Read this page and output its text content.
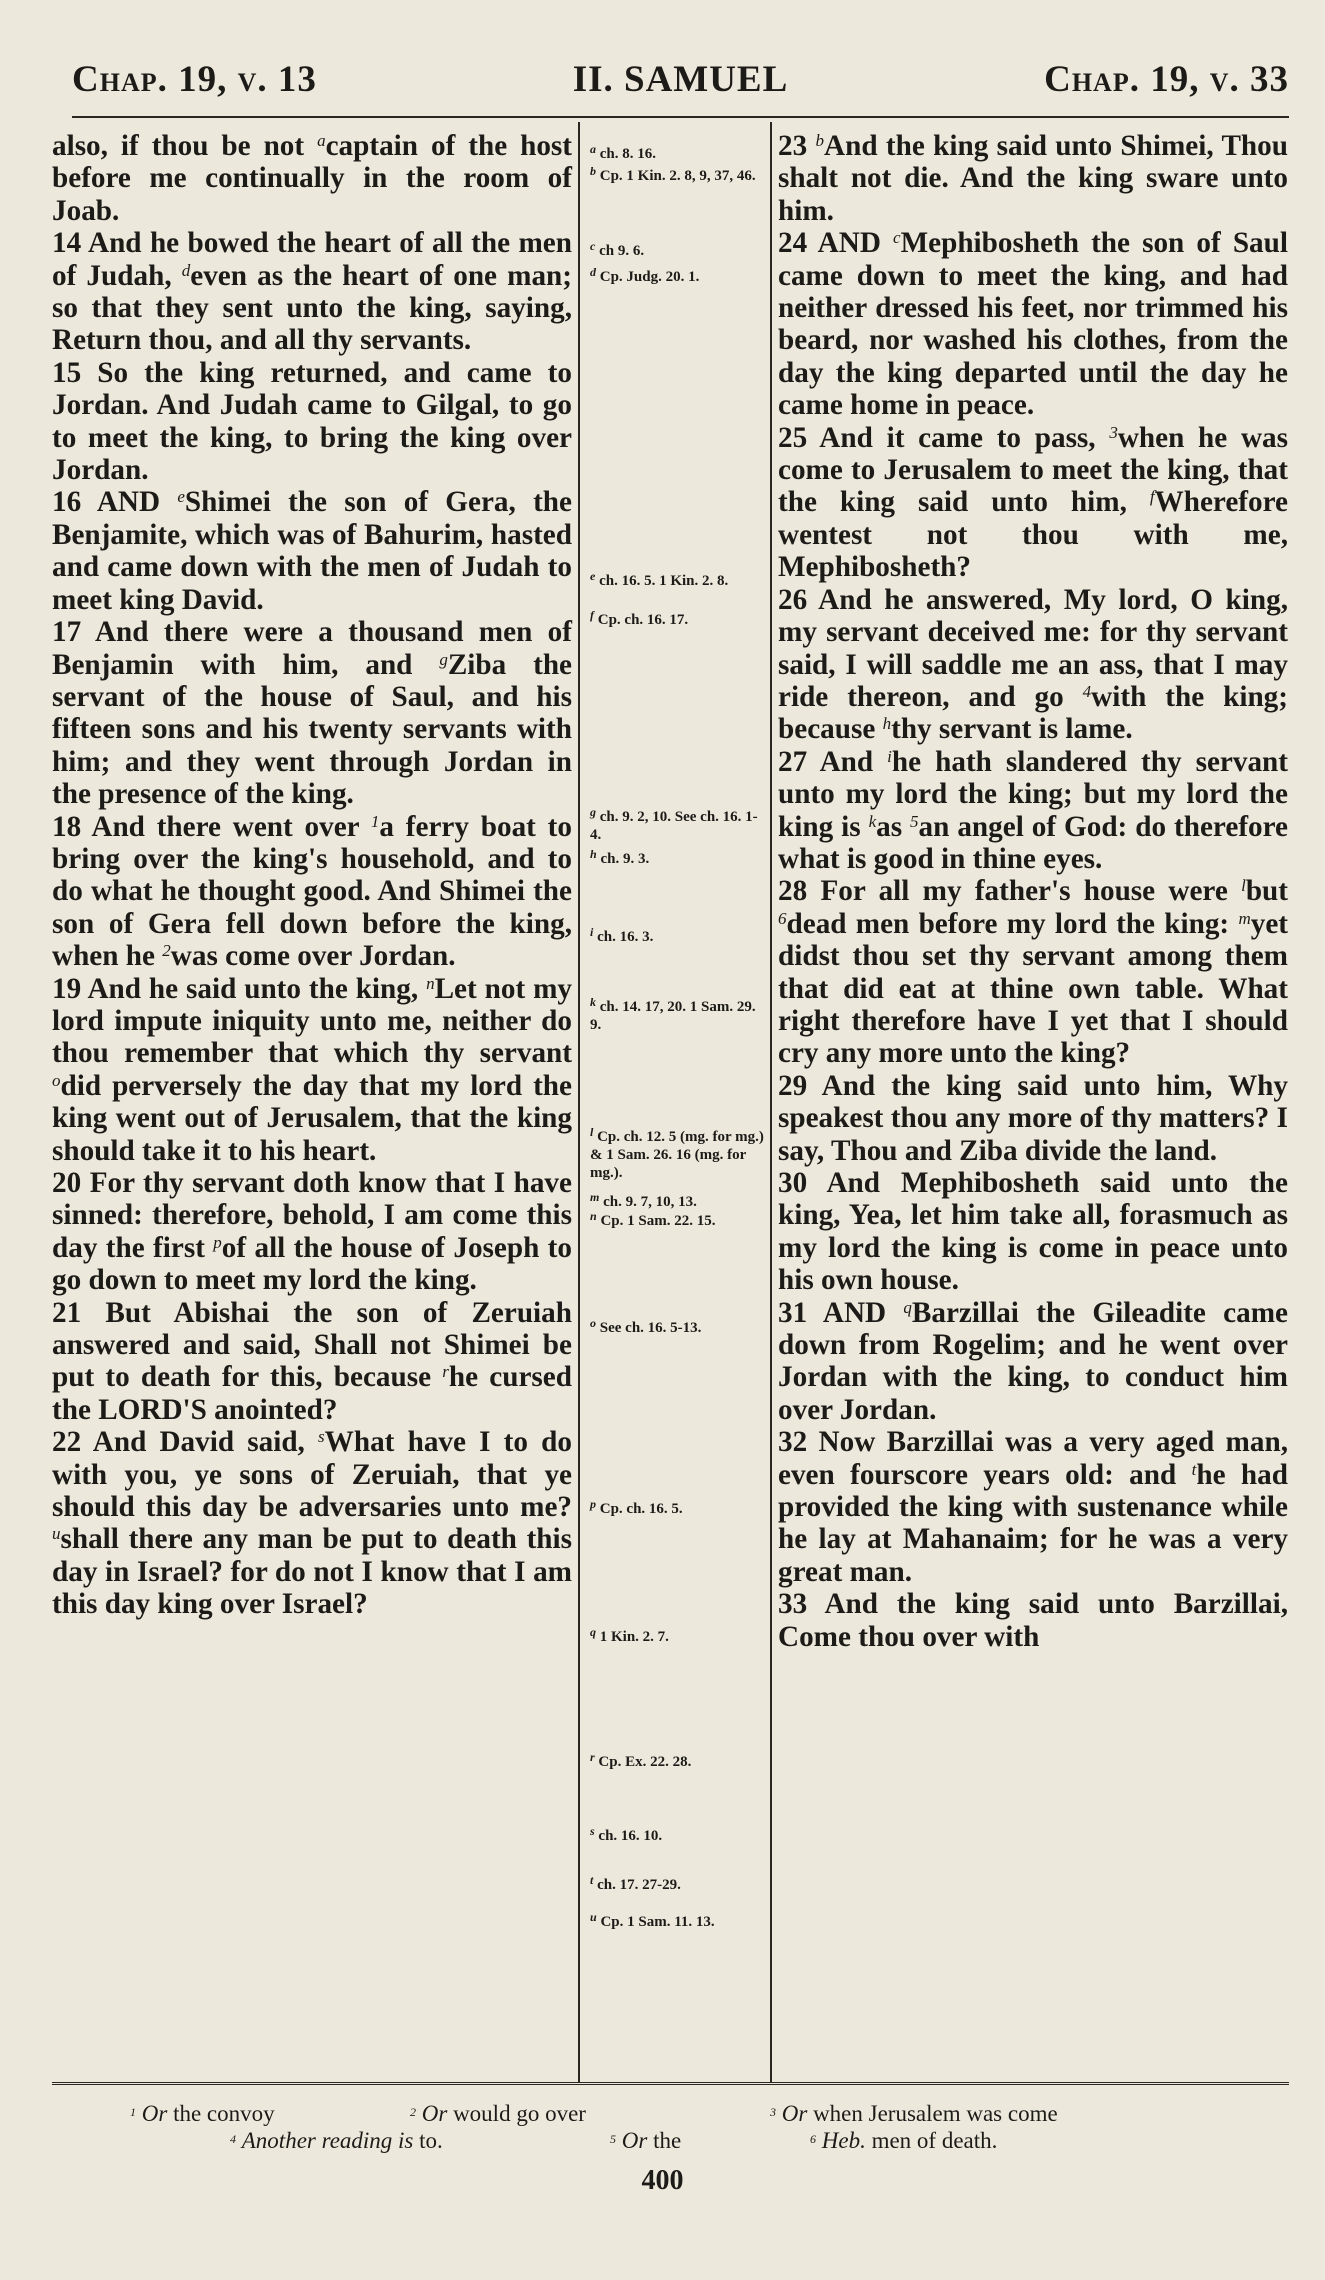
Chap. 19, v. 13	II. SAMUEL	Chap. 19, v. 33

also, if thou be not $^a$captain of the host before me continually in the room of Joab.

14 And he bowed the heart of all the men of Judah, $^d$even as the heart of one man; so that they sent unto the king, saying, Return thou, and all thy servants.

15 So the king returned, and came to Jordan. And Judah came to Gilgal, to go to meet the king, to bring the king over Jordan.

16 AND $^e$Shimei the son of Gera, the Benjamite, which was of Bahurim, hasted and came down with the men of Judah to meet king David.

17 And there were a thousand men of Benjamin with him, and $^g$Ziba the servant of the house of Saul, and his fifteen sons and his twenty servants with him; and they went through Jordan in the presence of the king.

18 And there went over $^1$a ferry boat to bring over the king's household, and to do what he thought good. And Shimei the son of Gera fell down before the king, when he $^2$was come over Jordan.

19 And he said unto the king, $^n$Let not my lord impute iniquity unto me, neither do thou remember that which thy servant $^o$did perversely the day that my lord the king went out of Jerusalem, that the king should take it to his heart.

20 For thy servant doth know that I have sinned: therefore, behold, I am come this day the first $^p$of all the house of Joseph to go down to meet my lord the king.

21 But Abishai the son of Zeruiah answered and said, Shall not Shimei be put to death for this, because $^r$he cursed the LORD'S anointed?

22 And David said, $^s$What have I to do with you, ye sons of Zeruiah, that ye should this day be adversaries unto me? $^u$shall there any man be put to death this day in Israel? for do not I know that I am this day king over Israel?

$^a$ ch. 8. 16.
$^b$ Cp. 1 Kin. 2. 8, 9, 37, 46.
$^c$ ch 9. 6.
$^d$ Cp. Judg. 20. 1.
$^e$ ch. 16. 5. 1 Kin. 2. 8.
$^f$ Cp. ch. 16. 17.
$^g$ ch. 9. 2, 10. See ch. 16. 1-4.
$^h$ ch. 9. 3.
$^i$ ch. 16. 3.
$^k$ ch. 14. 17, 20. 1 Sam. 29. 9.
$^l$ Cp. ch. 12. 5 (mg. for mg.) & 1 Sam. 26. 16 (mg. for mg.).
$^m$ ch. 9. 7, 10, 13.
$^n$ Cp. 1 Sam. 22. 15.
$^o$ See ch. 16. 5-13.
$^p$ Cp. ch. 16. 5.
$^q$ 1 Kin. 2. 7.
$^r$ Cp. Ex. 22. 28.
$^s$ ch. 16. 10.
$^t$ ch. 17. 27-29.
$^u$ Cp. 1 Sam. 11. 13.

23 $^b$And the king said unto Shimei, Thou shalt not die. And the king sware unto him.

24 AND $^c$Mephibosheth the son of Saul came down to meet the king, and had neither dressed his feet, nor trimmed his beard, nor washed his clothes, from the day the king departed until the day he came home in peace.

25 And it came to pass, $^3$when he was come to Jerusalem to meet the king, that the king said unto him, $^f$Wherefore wentest not thou with me, Mephibosheth?

26 And he answered, My lord, O king, my servant deceived me: for thy servant said, I will saddle me an ass, that I may ride thereon, and go $^4$with the king; because $^h$thy servant is lame.

27 And $^i$he hath slandered thy servant unto my lord the king; but my lord the king is $^k$as $^5$an angel of God: do therefore what is good in thine eyes.

28 For all my father's house were $^l$but $^6$dead men before my lord the king: $^m$yet didst thou set thy servant among them that did eat at thine own table. What right therefore have I yet that I should cry any more unto the king?

29 And the king said unto him, Why speakest thou any more of thy matters? I say, Thou and Ziba divide the land.

30 And Mephibosheth said unto the king, Yea, let him take all, forasmuch as my lord the king is come in peace unto his own house.

31 AND $^q$Barzillai the Gileadite came down from Rogelim; and he went over Jordan with the king, to conduct him over Jordan.

32 Now Barzillai was a very aged man, even fourscore years old: and $^t$he had provided the king with sustenance while he lay at Mahanaim; for he was a very great man.

33 And the king said unto Barzillai, Come thou over with

$^1$ Or the convoy	$^2$ Or would go over	$^3$ Or when Jerusalem was come
$^4$ Another reading is to.	$^5$ Or the	$^6$ Heb. men of death.
400
